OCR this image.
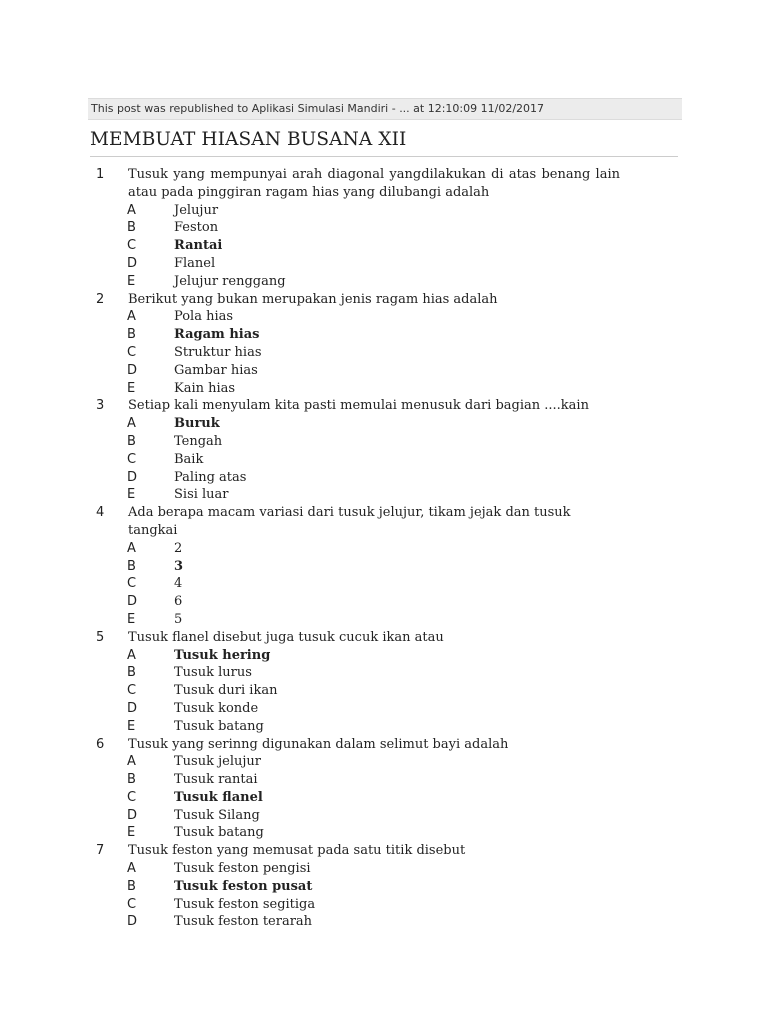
This post was republished to Aplikasi Simulasi Mandiri - ... at 12:10:09 11/02/2017
MEMBUAT HIASAN BUSANA XII
1 Tusuk yang mempunyai arah diagonal yangdilakukan di atas benang lain atau pada pinggiran ragam hias yang dilubangi adalah
A	Jelujur
B	Feston
C	Rantai
D	Flanel
E	Jelujur renggang
2 Berikut yang bukan merupakan jenis ragam hias adalah
A	Pola hias
B	Ragam hias
C	Struktur hias
D	Gambar hias
E	Kain hias
3 Setiap kali menyulam kita pasti memulai menusuk dari bagian ....kain
A	Buruk
B	Tengah
C	Baik
D	Paling atas
E	Sisi luar
4 Ada berapa macam variasi dari tusuk jelujur, tikam jejak dan tusuk tangkai
A	2
B	3
C	4
D	6
E	5
5 Tusuk flanel disebut juga tusuk cucuk ikan atau
A	Tusuk hering
B	Tusuk lurus
C	Tusuk duri ikan
D	Tusuk konde
E	Tusuk batang
6 Tusuk yang serinng digunakan dalam selimut bayi adalah
A	Tusuk jelujur
B	Tusuk rantai
C	Tusuk flanel
D	Tusuk Silang
E	Tusuk batang
7 Tusuk feston yang memusat pada satu titik disebut
A	Tusuk feston pengisi
B	Tusuk feston pusat
C	Tusuk feston segitiga
D	Tusuk feston terarah
